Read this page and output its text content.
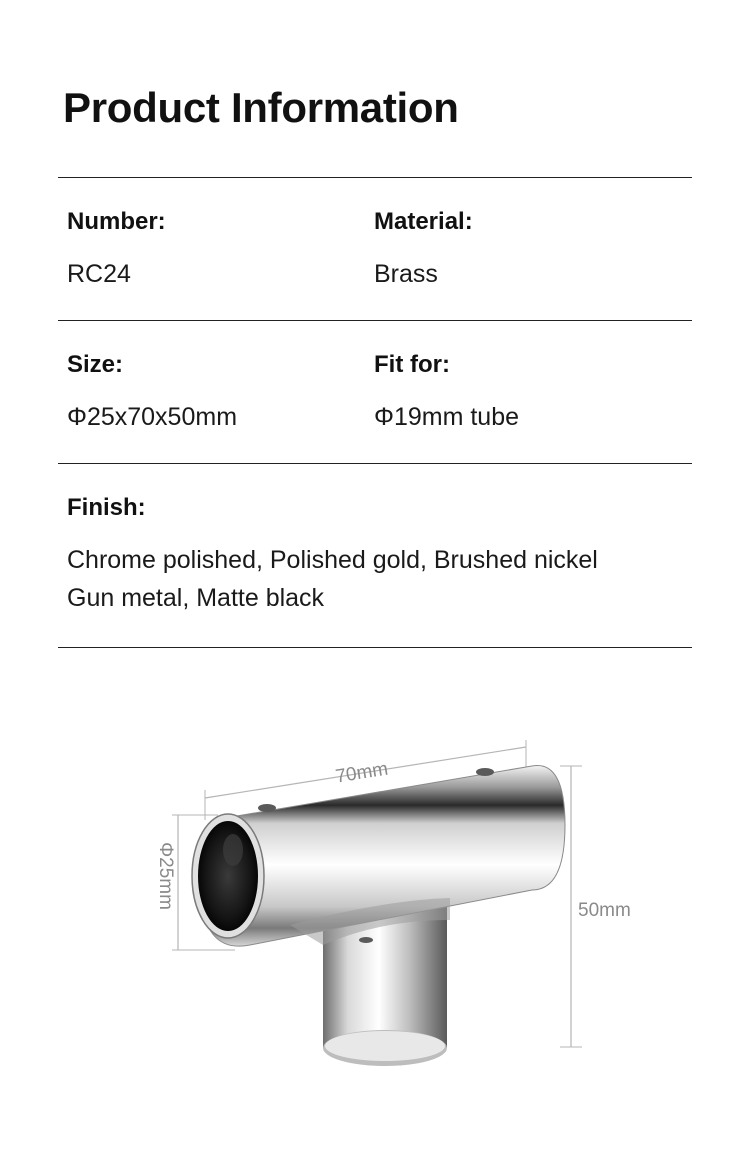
Product Information
Number:
RC24
Material:
Brass
Size:
Φ25x70x50mm
Fit for:
Φ19mm tube
Finish:
Chrome polished, Polished gold, Brushed nickel
Gun metal, Matte black
70mm
Φ25mm
50mm
